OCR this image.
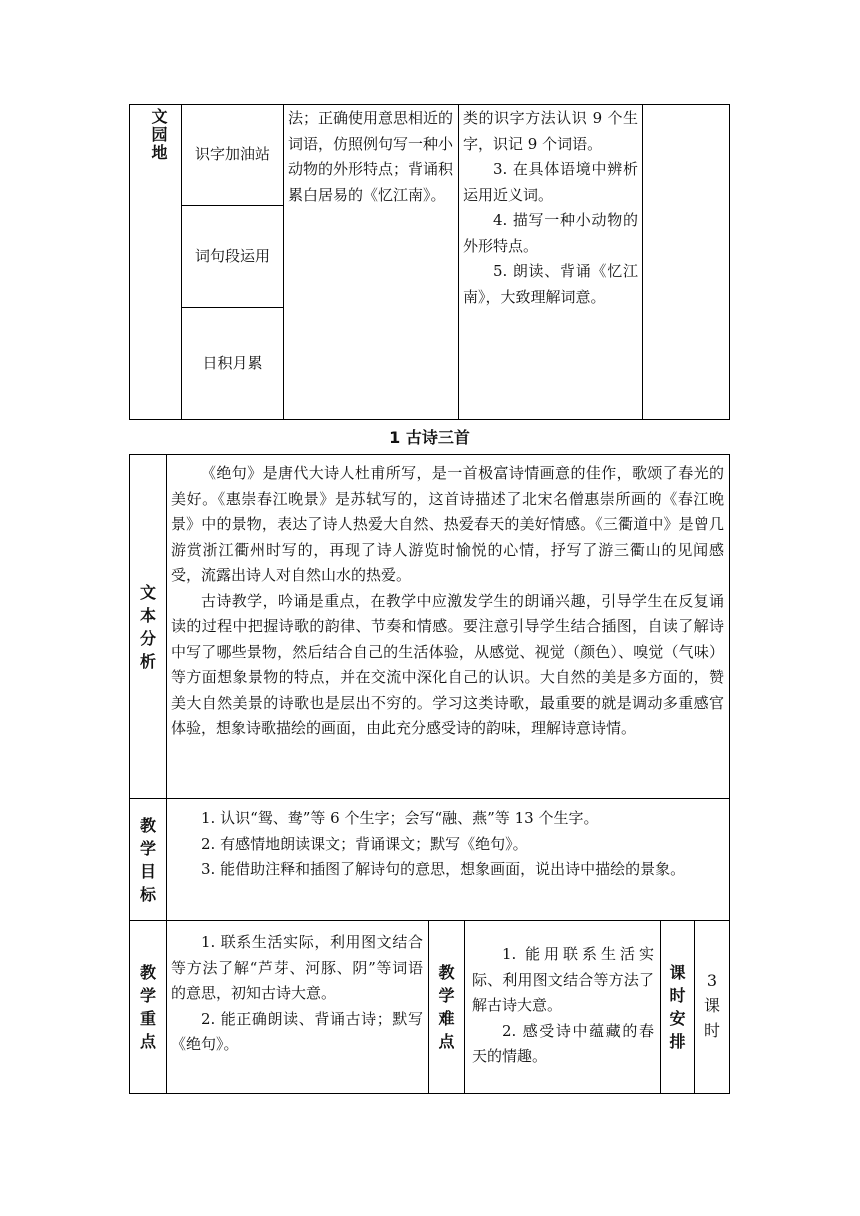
文园地	识字加油站
词句段运用
日积月累
法；正确使用意思相近的词语，仿照例句写一种小动物的外形特点；背诵积累白居易的《忆江南》。

类的识字方法认识 9 个生字，识记 9 个词语。

3. 在具体语境中辨析运用近义词。

4. 描写一种小动物的外形特点。

5. 朗读、背诵《忆江南》，大致理解词意。

1 古诗三首
文本分析

《绝句》是唐代大诗人杜甫所写，是一首极富诗情画意的佳作，歌颂了春光的美好。《惠崇春江晚景》是苏轼写的，这首诗描述了北宋名僧惠崇所画的《春江晚景》中的景物，表达了诗人热爱大自然、热爱春天的美好情感。《三衢道中》是曾几游赏浙江衢州时写的，再现了诗人游览时愉悦的心情，抒写了游三衢山的见闻感受，流露出诗人对自然山水的热爱。

古诗教学，吟诵是重点，在教学中应激发学生的朗诵兴趣，引导学生在反复诵读的过程中把握诗歌的韵律、节奏和情感。要注意引导学生结合插图，自读了解诗中写了哪些景物，然后结合自己的生活体验，从感觉、视觉（颜色）、嗅觉（气味）等方面想象景物的特点，并在交流中深化自己的认识。大自然的美是多方面的，赞美大自然美景的诗歌也是层出不穷的。学习这类诗歌，最重要的就是调动多重感官体验，想象诗歌描绘的画面，由此充分感受诗的韵味，理解诗意诗情。

教学目标

1. 认识“鸳、鸯”等 6 个生字；会写“融、燕”等 13 个生字。

2. 有感情地朗读课文；背诵课文；默写《绝句》。

3. 能借助注释和插图了解诗句的意思，想象画面，说出诗中描绘的景象。

教学重点

1. 联系生活实际，利用图文结合等方法了解“芦芽、河豚、阴”等词语的意思，初知古诗大意。

2. 能正确朗读、背诵古诗；默写《绝句》。

教学难点

1. 能用联系生活实际、利用图文结合等方法了解古诗大意。

2. 感受诗中蕴藏的春天的情趣。

课时安排
3 课时
